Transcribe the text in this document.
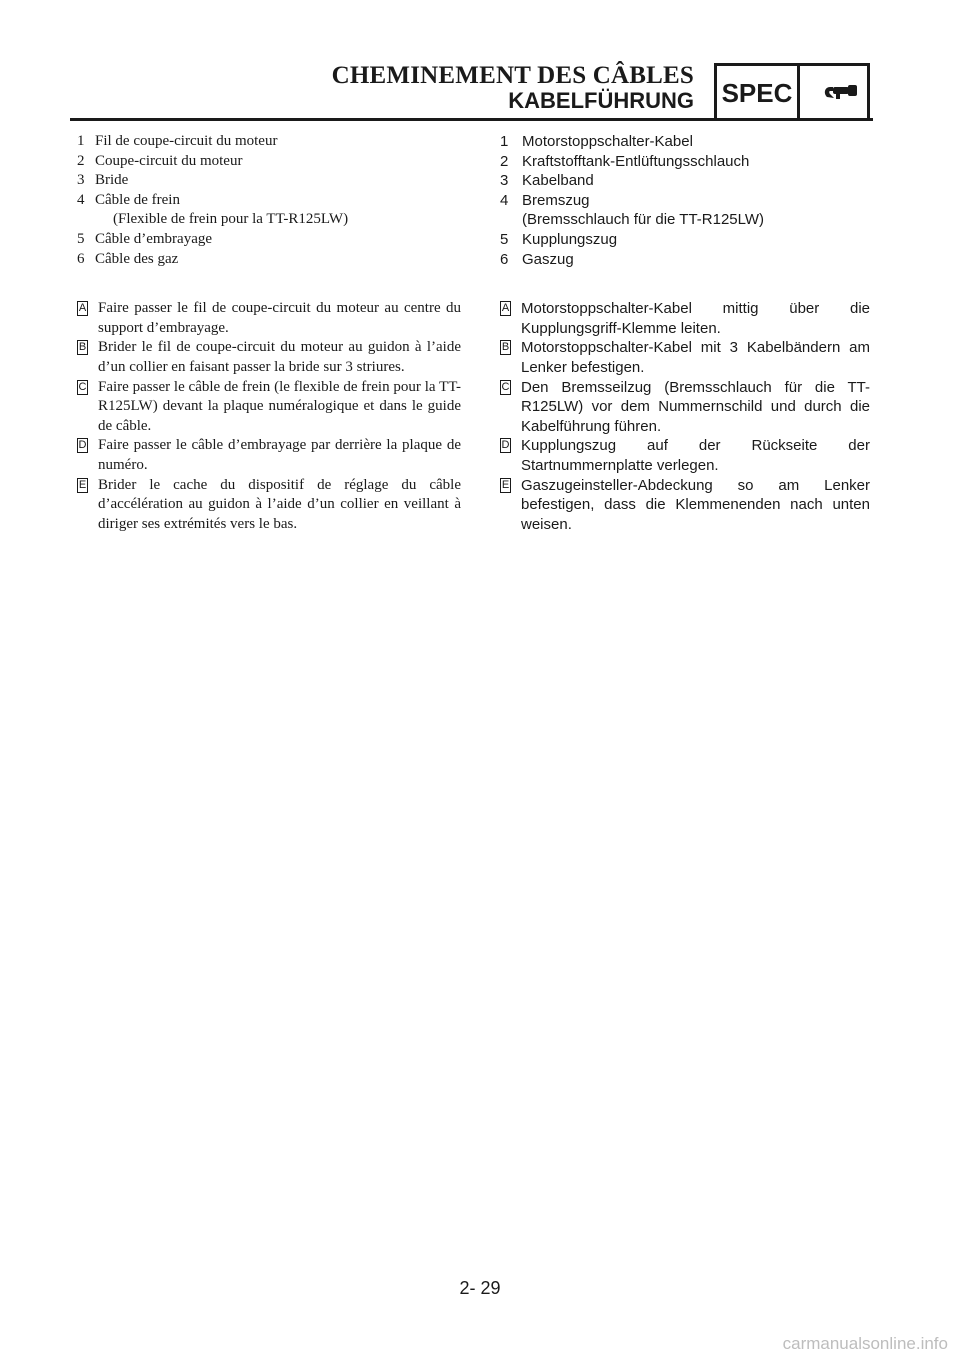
CHEMINEMENT DES CÂBLES
KABELFÜHRUNG SPEC
1 Fil de coupe-circuit du moteur
2 Coupe-circuit du moteur
3 Bride
4 Câble de frein
(Flexible de frein pour la TT-R125LW)
5 Câble d’embrayage
6 Câble des gaz
A Faire passer le fil de coupe-circuit du moteur au centre du support d’embrayage.
B Brider le fil de coupe-circuit du moteur au guidon à l’aide d’un collier en faisant passer la bride sur 3 striures.
C Faire passer le câble de frein (le flexible de frein pour la TT-R125LW) devant la plaque numéralogique et dans le guide de câble.
D Faire passer le câble d’embrayage par derrière la plaque de numéro.
E Brider le cache du dispositif de réglage du câble d’accélération au guidon à l’aide d’un collier en veillant à diriger ses extrémités vers le bas.
1 Motorstoppschalter-Kabel
2 Kraftstofftank-Entlüftungsschlauch
3 Kabelband
4 Bremszug
(Bremsschlauch für die TT-R125LW)
5 Kupplungszug
6 Gaszug
A Motorstoppschalter-Kabel mittig über die Kupplungsgriff-Klemme leiten.
B Motorstoppschalter-Kabel mit 3 Kabelbändern am Lenker befestigen.
C Den Bremsseilzug (Bremsschlauch für die TT-R125LW) vor dem Nummernschild und durch die Kabelführung führen.
D Kupplungszug auf der Rückseite der Startnummernplatte verlegen.
E Gaszugeinsteller-Abdeckung so am Lenker befestigen, dass die Klemmenenden nach unten weisen.
2- 29
carmanualsonline.info
